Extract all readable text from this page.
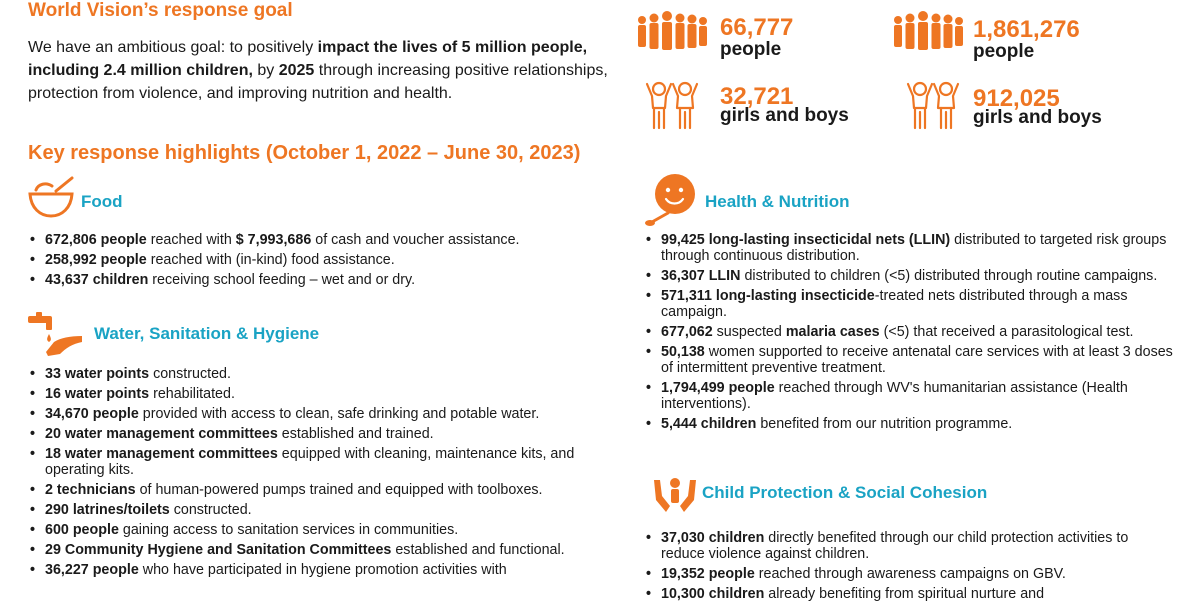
World Vision’s response goal
We have an ambitious goal: to positively impact the lives of 5 million people, including 2.4 million children, by 2025 through increasing positive relationships, protection from violence, and improving nutrition and health.
66,777
people
32,721
girls and boys
1,861,276
people
912,025
girls and boys
Key response highlights (October 1, 2022 – June 30, 2023)
Food
• 672,806 people reached with $ 7,993,686 of cash and voucher assistance.
• 258,992 people reached with (in-kind) food assistance.
• 43,637 children receiving school feeding – wet and or dry.
Water, Sanitation & Hygiene
• 33 water points constructed.
• 16 water points rehabilitated.
• 34,670 people provided with access to clean, safe drinking and potable water.
• 20 water management committees established and trained.
• 18 water management committees equipped with cleaning, maintenance kits, and operating kits.
• 2 technicians of human-powered pumps trained and equipped with toolboxes.
• 290 latrines/toilets constructed.
• 600 people gaining access to sanitation services in communities.
• 29 Community Hygiene and Sanitation Committees established and functional.
• 36,227 people who have participated in hygiene promotion activities with
Health & Nutrition
• 99,425 long-lasting insecticidal nets (LLIN) distributed to targeted risk groups through continuous distribution.
• 36,307 LLIN distributed to children (<5) distributed through routine campaigns.
• 571,311 long-lasting insecticide-treated nets distributed through a mass campaign.
• 677,062 suspected malaria cases (<5) that received a parasitological test.
• 50,138 women supported to receive antenatal care services with at least 3 doses of intermittent preventive treatment.
• 1,794,499 people reached through WV's humanitarian assistance (Health interventions).
• 5,444 children benefited from our nutrition programme.
Child Protection & Social Cohesion
• 37,030 children directly benefited through our child protection activities to reduce violence against children.
• 19,352 people reached through awareness campaigns on GBV.
• 10,300 children already benefiting from spiritual nurture and
